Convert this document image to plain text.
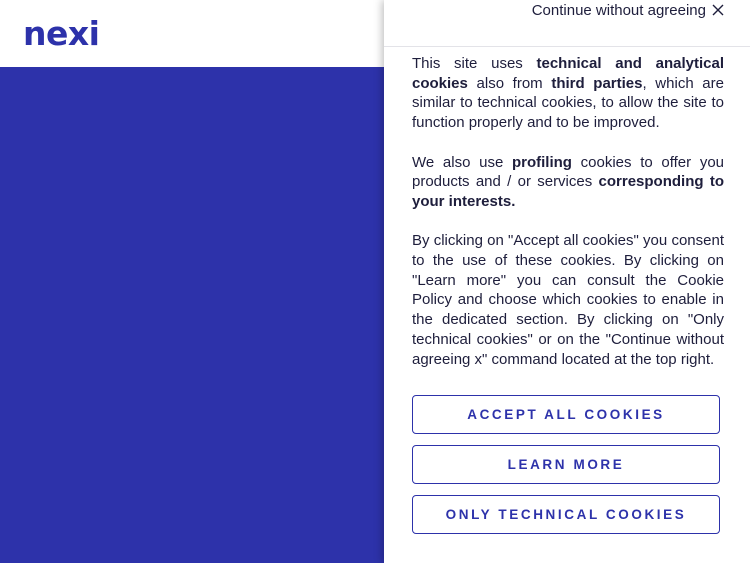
nexi
Continue without agreeing

This site uses technical and analytical cookies also from third parties, which are similar to technical cookies, to allow the site to function properly and to be improved.

We also use profiling cookies to offer you products and / or services corresponding to your interests.

By clicking on "Accept all cookies" you consent to the use of these cookies. By clicking on "Learn more" you can consult the Cookie Policy and choose which cookies to enable in the dedicated section. By clicking on "Only technical cookies" or on the "Continue without agreeing x" command located at the top right.

ACCEPT ALL COOKIES
LEARN MORE
ONLY TECHNICAL COOKIES
